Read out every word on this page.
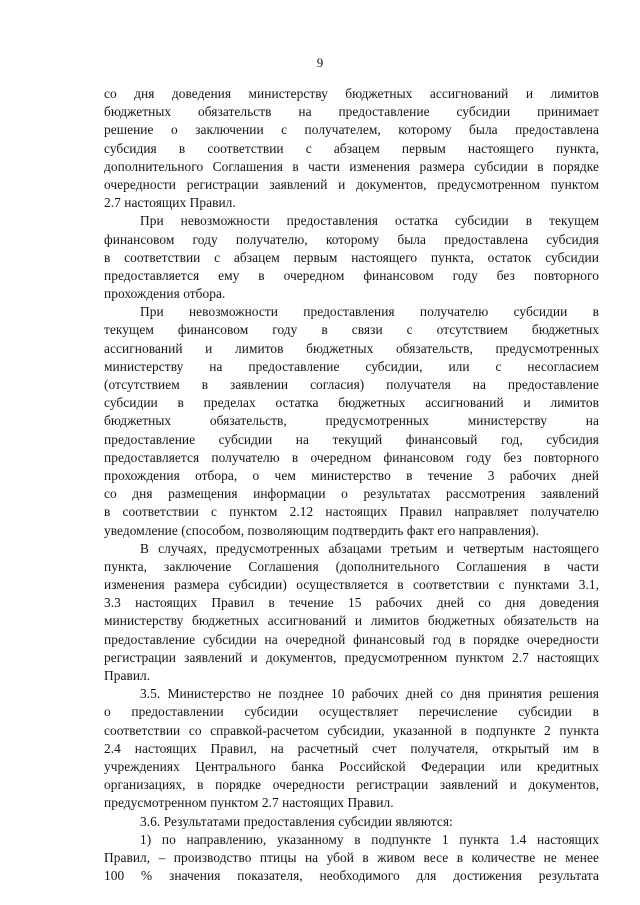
9
со дня доведения министерству бюджетных ассигнований и лимитов
бюджетных обязательств на предоставление субсидии принимает
решение о заключении с получателем, которому была предоставлена
субсидия в соответствии с абзацем первым настоящего пункта,
дополнительного Соглашения в части изменения размера субсидии в порядке
очередности регистрации заявлений и документов, предусмотренном пунктом
2.7 настоящих Правил.
При невозможности предоставления остатка субсидии в текущем
финансовом году получателю, которому была предоставлена субсидия
в соответствии с абзацем первым настоящего пункта, остаток субсидии
предоставляется ему в очередном финансовом году без повторного
прохождения отбора.
При невозможности предоставления получателю субсидии в
текущем финансовом году в связи с отсутствием бюджетных
ассигнований и лимитов бюджетных обязательств, предусмотренных
министерству на предоставление субсидии, или с несогласием
(отсутствием в заявлении согласия) получателя на предоставление
субсидии в пределах остатка бюджетных ассигнований и лимитов
бюджетных обязательств, предусмотренных министерству на
предоставление субсидии на текущий финансовый год, субсидия
предоставляется получателю в очередном финансовом году без повторного
прохождения отбора, о чем министерство в течение 3 рабочих дней
со дня размещения информации о результатах рассмотрения заявлений
в соответствии с пунктом 2.12 настоящих Правил направляет получателю
уведомление (способом, позволяющим подтвердить факт его направления).
В случаях, предусмотренных абзацами третьим и четвертым настоящего
пункта, заключение Соглашения (дополнительного Соглашения в части
изменения размера субсидии) осуществляется в соответствии с пунктами 3.1,
3.3 настоящих Правил в течение 15 рабочих дней со дня доведения
министерству бюджетных ассигнований и лимитов бюджетных обязательств на
предоставление субсидии на очередной финансовый год в порядке очередности
регистрации заявлений и документов, предусмотренном пунктом 2.7 настоящих
Правил.
3.5. Министерство не позднее 10 рабочих дней со дня принятия решения
о предоставлении субсидии осуществляет перечисление субсидии в
соответствии со справкой-расчетом субсидии, указанной в подпункте 2 пункта
2.4 настоящих Правил, на расчетный счет получателя, открытый им в
учреждениях Центрального банка Российской Федерации или кредитных
организациях, в порядке очередности регистрации заявлений и документов,
предусмотренном пунктом 2.7 настоящих Правил.
3.6. Результатами предоставления субсидии являются:
1) по направлению, указанному в подпункте 1 пункта 1.4 настоящих
Правил, – производство птицы на убой в живом весе в количестве не менее
100 % значения показателя, необходимого для достижения результата
